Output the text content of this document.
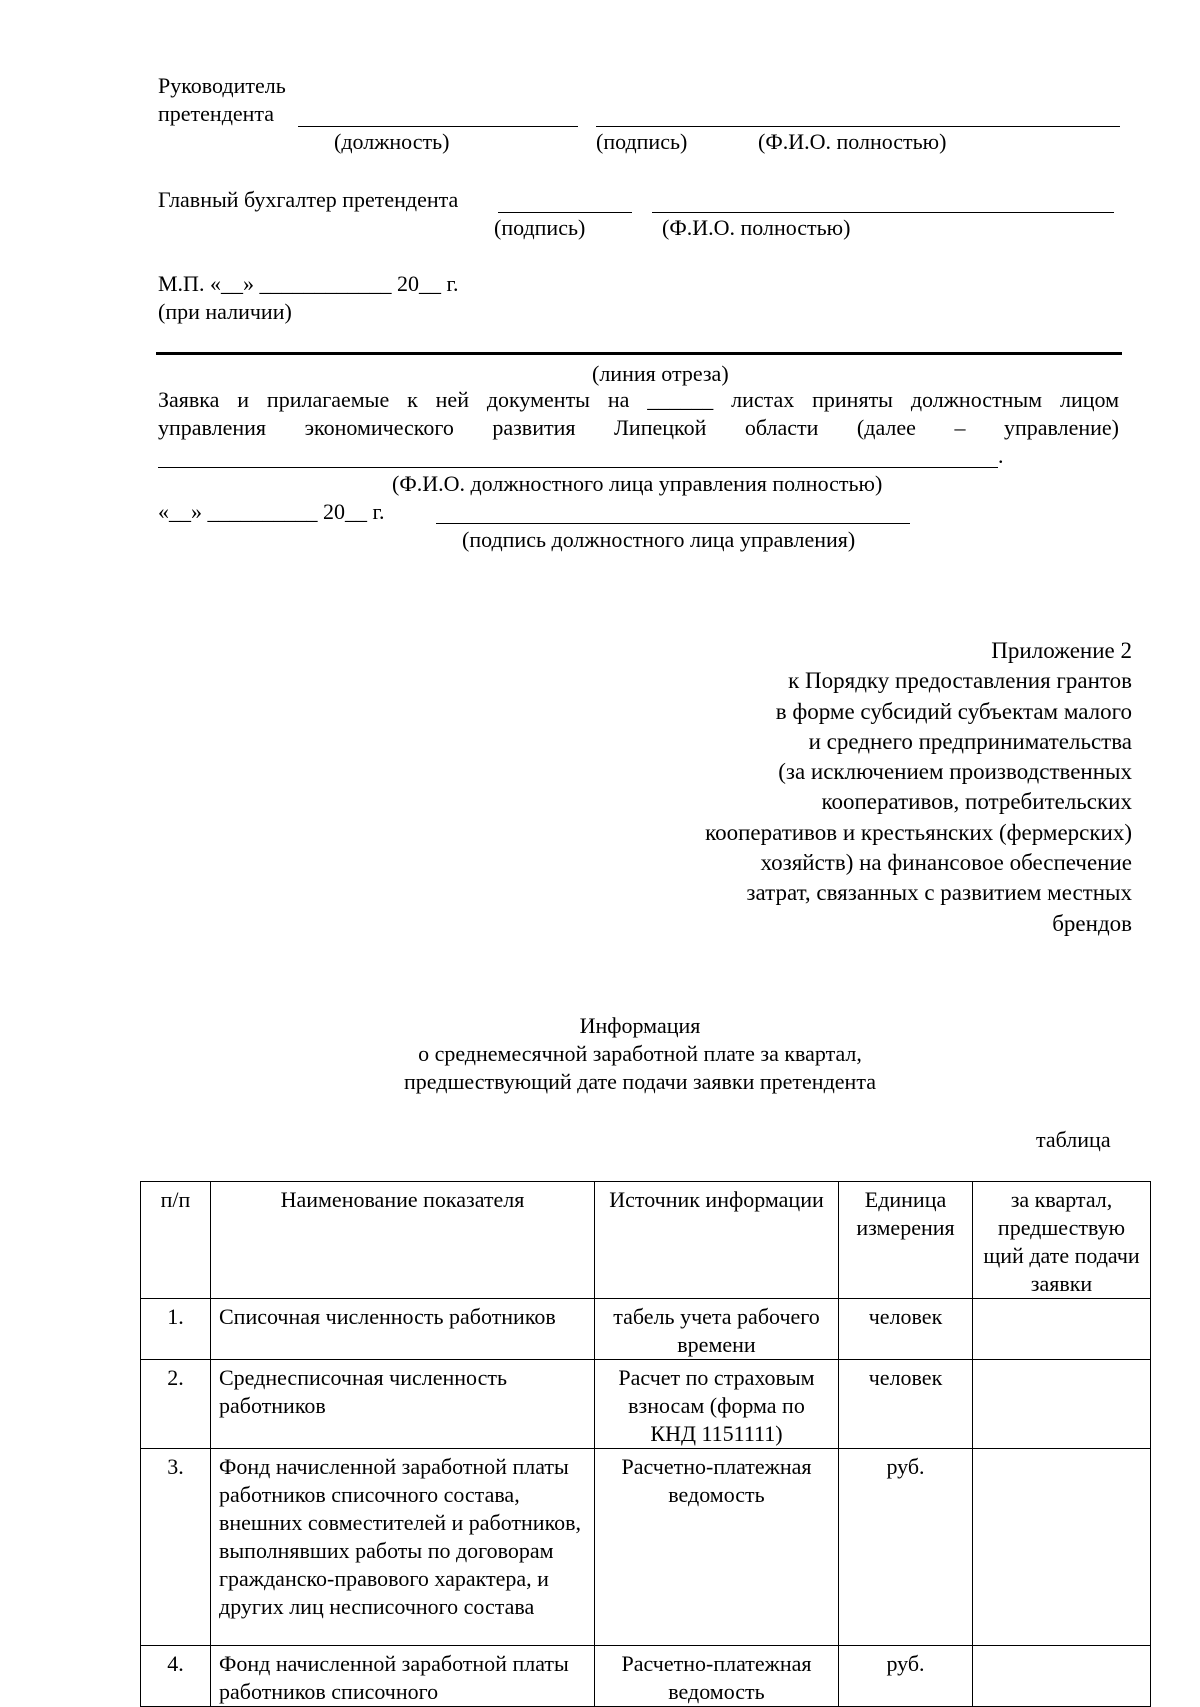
Руководитель
претендента
(должность)	(подпись)	(Ф.И.О. полностью)
Главный бухгалтер претендента
(подпись)	(Ф.И.О. полностью)
М.П. «__» ____________ 20__ г.
(при наличии)
(линия отреза)
Заявка и прилагаемые к ней документы на ______ листах приняты должностным лицом
управления экономического развития Липецкой области (далее – управление)
.
(Ф.И.О. должностного лица управления полностью)
«__» __________ 20__ г.
(подпись должностного лица управления)
Приложение 2
к Порядку предоставления грантов
в форме субсидий субъектам малого
и среднего предпринимательства
(за исключением производственных
кооперативов, потребительских
кооперативов и крестьянских (фермерских)
хозяйств) на финансовое обеспечение
затрат, связанных с развитием местных
брендов
Информация
о среднемесячной заработной плате за квартал,
предшествующий дате подачи заявки претендента
таблица
п/п	Наименование показателя	Источник информации	Единица измерения	за квартал, предшествую щий дате подачи заявки
1.	Списочная численность работников	табель учета рабочего времени	человек	
2.	Среднесписочная численность работников	Расчет по страховым взносам (форма по КНД 1151111)	человек	
3.	Фонд начисленной заработной платы работников списочного состава, внешних совместителей и работников, выполнявших работы по договорам гражданско-правового характера, и других лиц несписочного состава	Расчетно-платежная ведомость	руб.	
4.	Фонд начисленной заработной платы работников списочного	Расчетно-платежная ведомость	руб.	
